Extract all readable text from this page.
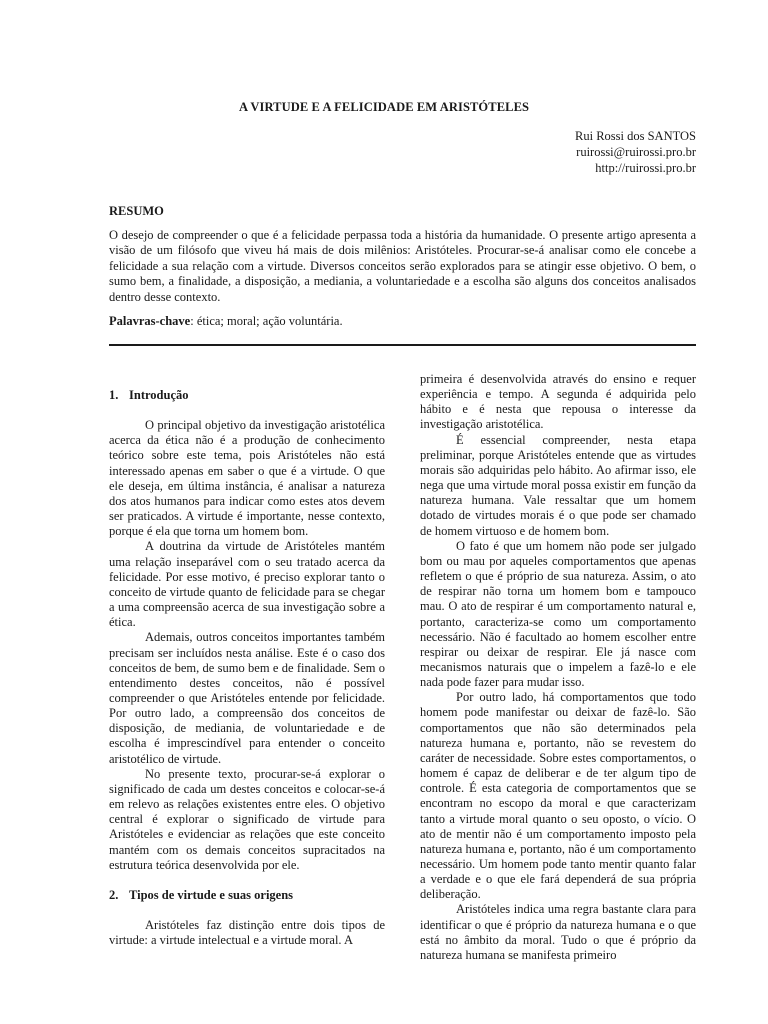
A VIRTUDE E A FELICIDADE EM ARISTÓTELES
Rui Rossi dos SANTOS
ruirossi@ruirossi.pro.br
http://ruirossi.pro.br
RESUMO

O desejo de compreender o que é a felicidade perpassa toda a história da humanidade. O presente artigo apresenta a visão de um filósofo que viveu há mais de dois milênios: Aristóteles. Procurar-se-á analisar como ele concebe a felicidade a sua relação com a virtude. Diversos conceitos serão explorados para se atingir esse objetivo. O bem, o sumo bem, a finalidade, a disposição, a mediania, a voluntariedade e a escolha são alguns dos conceitos analisados dentro desse contexto.

Palavras-chave: ética; moral; ação voluntária.

1. Introdução

O principal objetivo da investigação aristotélica acerca da ética não é a produção de conhecimento teórico sobre este tema, pois Aristóteles não está interessado apenas em saber o que é a virtude. O que ele deseja, em última instância, é analisar a natureza dos atos humanos para indicar como estes atos devem ser praticados. A virtude é importante, nesse contexto, porque é ela que torna um homem bom.

A doutrina da virtude de Aristóteles mantém uma relação inseparável com o seu tratado acerca da felicidade. Por esse motivo, é preciso explorar tanto o conceito de virtude quanto de felicidade para se chegar a uma compreensão acerca de sua investigação sobre a ética.

Ademais, outros conceitos importantes também precisam ser incluídos nesta análise. Este é o caso dos conceitos de bem, de sumo bem e de finalidade. Sem o entendimento destes conceitos, não é possível compreender o que Aristóteles entende por felicidade. Por outro lado, a compreensão dos conceitos de disposição, de mediania, de voluntariedade e de escolha é imprescindível para entender o conceito aristotélico de virtude.

No presente texto, procurar-se-á explorar o significado de cada um destes conceitos e colocar-se-á em relevo as relações existentes entre eles. O objetivo central é explorar o significado de virtude para Aristóteles e evidenciar as relações que este conceito mantém com os demais conceitos supracitados na estrutura teórica desenvolvida por ele.

2. Tipos de virtude e suas origens

Aristóteles faz distinção entre dois tipos de virtude: a virtude intelectual e a virtude moral. A

primeira é desenvolvida através do ensino e requer experiência e tempo. A segunda é adquirida pelo hábito e é nesta que repousa o interesse da investigação aristotélica.

É essencial compreender, nesta etapa preliminar, porque Aristóteles entende que as virtudes morais são adquiridas pelo hábito. Ao afirmar isso, ele nega que uma virtude moral possa existir em função da natureza humana. Vale ressaltar que um homem dotado de virtudes morais é o que pode ser chamado de homem virtuoso e de homem bom.

O fato é que um homem não pode ser julgado bom ou mau por aqueles comportamentos que apenas refletem o que é próprio de sua natureza. Assim, o ato de respirar não torna um homem bom e tampouco mau. O ato de respirar é um comportamento natural e, portanto, caracteriza-se como um comportamento necessário. Não é facultado ao homem escolher entre respirar ou deixar de respirar. Ele já nasce com mecanismos naturais que o impelem a fazê-lo e ele nada pode fazer para mudar isso.

Por outro lado, há comportamentos que todo homem pode manifestar ou deixar de fazê-lo. São comportamentos que não são determinados pela natureza humana e, portanto, não se revestem do caráter de necessidade. Sobre estes comportamentos, o homem é capaz de deliberar e de ter algum tipo de controle. É esta categoria de comportamentos que se encontram no escopo da moral e que caracterizam tanto a virtude moral quanto o seu oposto, o vício. O ato de mentir não é um comportamento imposto pela natureza humana e, portanto, não é um comportamento necessário. Um homem pode tanto mentir quanto falar a verdade e o que ele fará dependerá de sua própria deliberação.

Aristóteles indica uma regra bastante clara para identificar o que é próprio da natureza humana e o que está no âmbito da moral. Tudo o que é próprio da natureza humana se manifesta primeiro
